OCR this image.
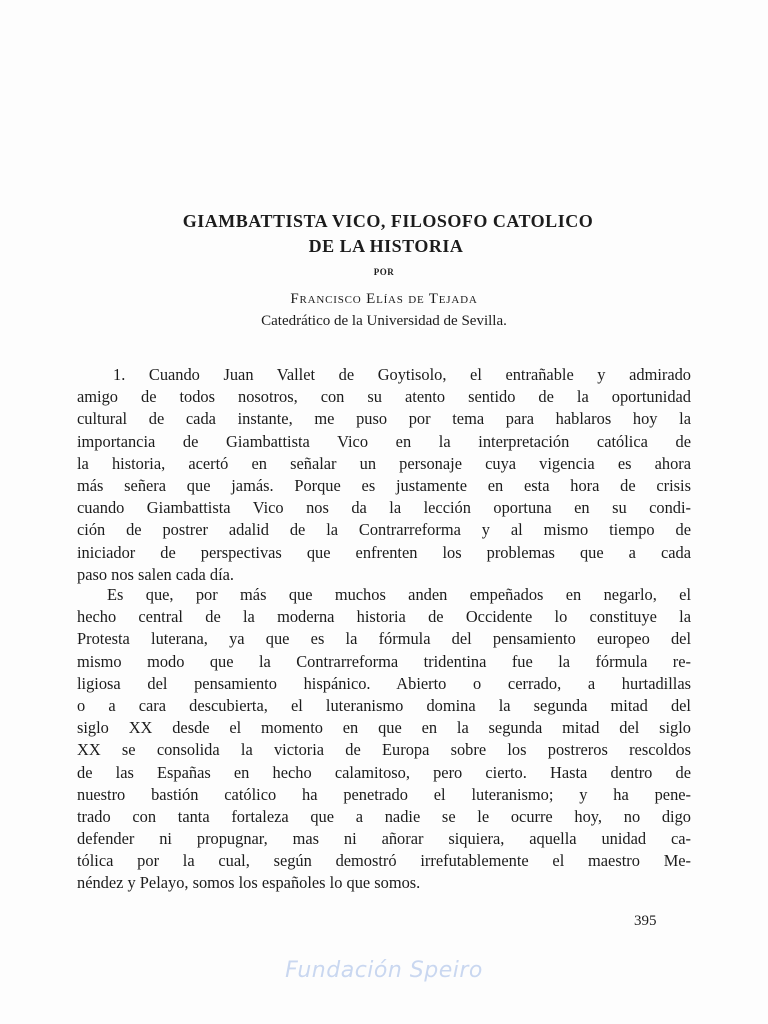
GIAMBATTISTA VICO, FILOSOFO CATOLICO
DE LA HISTORIA
POR
Francisco Elías de Tejada
Catedrático de la Universidad de Sevilla.
1. Cuando Juan Vallet de Goytisolo, el entrañable y admirado
amigo de todos nosotros, con su atento sentido de la oportunidad
cultural de cada instante, me puso por tema para hablaros hoy la
importancia de Giambattista Vico en la interpretación católica de
la historia, acertó en señalar un personaje cuya vigencia es ahora
más señera que jamás. Porque es justamente en esta hora de crisis
cuando Giambattista Vico nos da la lección oportuna en su condi-
ción de postrer adalid de la Contrarreforma y al mismo tiempo de
iniciador de perspectivas que enfrenten los problemas que a cada
paso nos salen cada día.
Es que, por más que muchos anden empeñados en negarlo, el
hecho central de la moderna historia de Occidente lo constituye la
Protesta luterana, ya que es la fórmula del pensamiento europeo del
mismo modo que la Contrarreforma tridentina fue la fórmula re-
ligiosa del pensamiento hispánico. Abierto o cerrado, a hurtadillas
o a cara descubierta, el luteranismo domina la segunda mitad del
siglo XX desde el momento en que en la segunda mitad del siglo
XX se consolida la victoria de Europa sobre los postreros rescoldos
de las Españas en hecho calamitoso, pero cierto. Hasta dentro de
nuestro bastión católico ha penetrado el luteranismo; y ha pene-
trado con tanta fortaleza que a nadie se le ocurre hoy, no digo
defender ni propugnar, mas ni añorar siquiera, aquella unidad ca-
tólica por la cual, según demostró irrefutablemente el maestro Me-
néndez y Pelayo, somos los españoles lo que somos.
395
Fundación Speiro
